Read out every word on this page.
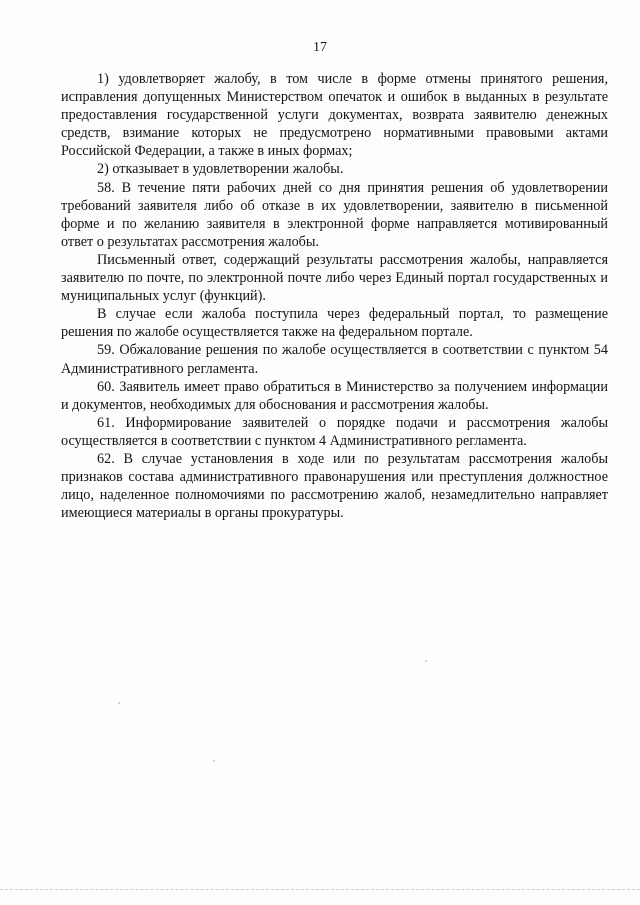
17

1) удовлетворяет жалобу, в том числе в форме отмены принятого решения, исправления допущенных Министерством опечаток и ошибок в выданных в результате предоставления государственной услуги документах, возврата заявителю денежных средств, взимание которых не предусмотрено нормативными правовыми актами Российской Федерации, а также в иных формах;

2) отказывает в удовлетворении жалобы.

58. В течение пяти рабочих дней со дня принятия решения об удовлетворении требований заявителя либо об отказе в их удовлетворении, заявителю в письменной форме и по желанию заявителя в электронной форме направляется мотивированный ответ о результатах рассмотрения жалобы.

Письменный ответ, содержащий результаты рассмотрения жалобы, направляется заявителю по почте, по электронной почте либо через Единый портал государственных и муниципальных услуг (функций).

В случае если жалоба поступила через федеральный портал, то размещение решения по жалобе осуществляется также на федеральном портале.

59. Обжалование решения по жалобе осуществляется в соответствии с пунктом 54 Административного регламента.

60. Заявитель имеет право обратиться в Министерство за получением информации и документов, необходимых для обоснования и рассмотрения жалобы.

61. Информирование заявителей о порядке подачи и рассмотрения жалобы осуществляется в соответствии с пунктом 4 Административного регламента.

62. В случае установления в ходе или по результатам рассмотрения жалобы признаков состава административного правонарушения или преступления должностное лицо, наделенное полномочиями по рассмотрению жалоб, незамедлительно направляет имеющиеся материалы в органы прокуратуры.
